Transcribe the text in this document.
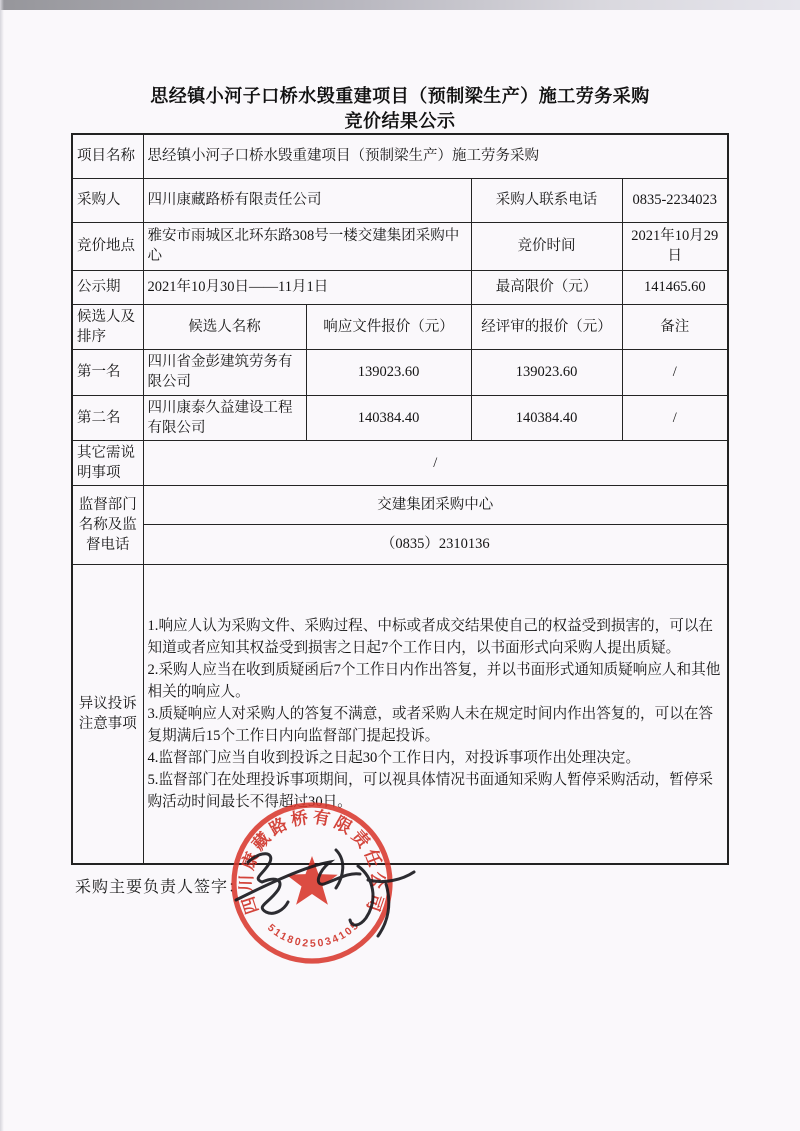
思经镇小河子口桥水毁重建项目（预制梁生产）施工劳务采购
竞价结果公示
项目名称	思经镇小河子口桥水毁重建项目（预制梁生产）施工劳务采购			
采购人	四川康藏路桥有限责任公司		采购人联系电话	0835-2234023
竞价地点	雅安市雨城区北环东路308号一楼交建集团采购中心		竞价时间	2021年10月29日
公示期	2021年10月30日——11月1日		最高限价（元）	141465.60
候选人及排序	候选人名称	响应文件报价（元）	经评审的报价（元）	备注
第一名	四川省金彭建筑劳务有限公司	139023.60	139023.60	/
第二名	四川康泰久益建设工程有限公司	140384.40	140384.40	/
其它需说明事项	/			
监督部门名称及监督电话	交建集团采购中心			
	（0835）2310136			
异议投诉注意事项	1.响应人认为采购文件、采购过程、中标或者成交结果使自己的权益受到损害的，可以在知道或者应知其权益受到损害之日起7个工作日内，以书面形式向采购人提出质疑。
2.采购人应当在收到质疑函后7个工作日内作出答复，并以书面形式通知质疑响应人和其他相关的响应人。
3.质疑响应人对采购人的答复不满意，或者采购人未在规定时间内作出答复的，可以在答复期满后15个工作日内向监督部门提起投诉。
4.监督部门应当自收到投诉之日起30个工作日内，对投诉事项作出处理决定。
5.监督部门在处理投诉事项期间，可以视具体情况书面通知采购人暂停采购活动，暂停采购活动时间最长不得超过30日。			
采购主要负责人签字：
四川康藏路桥有限责任公司
5118025034105
